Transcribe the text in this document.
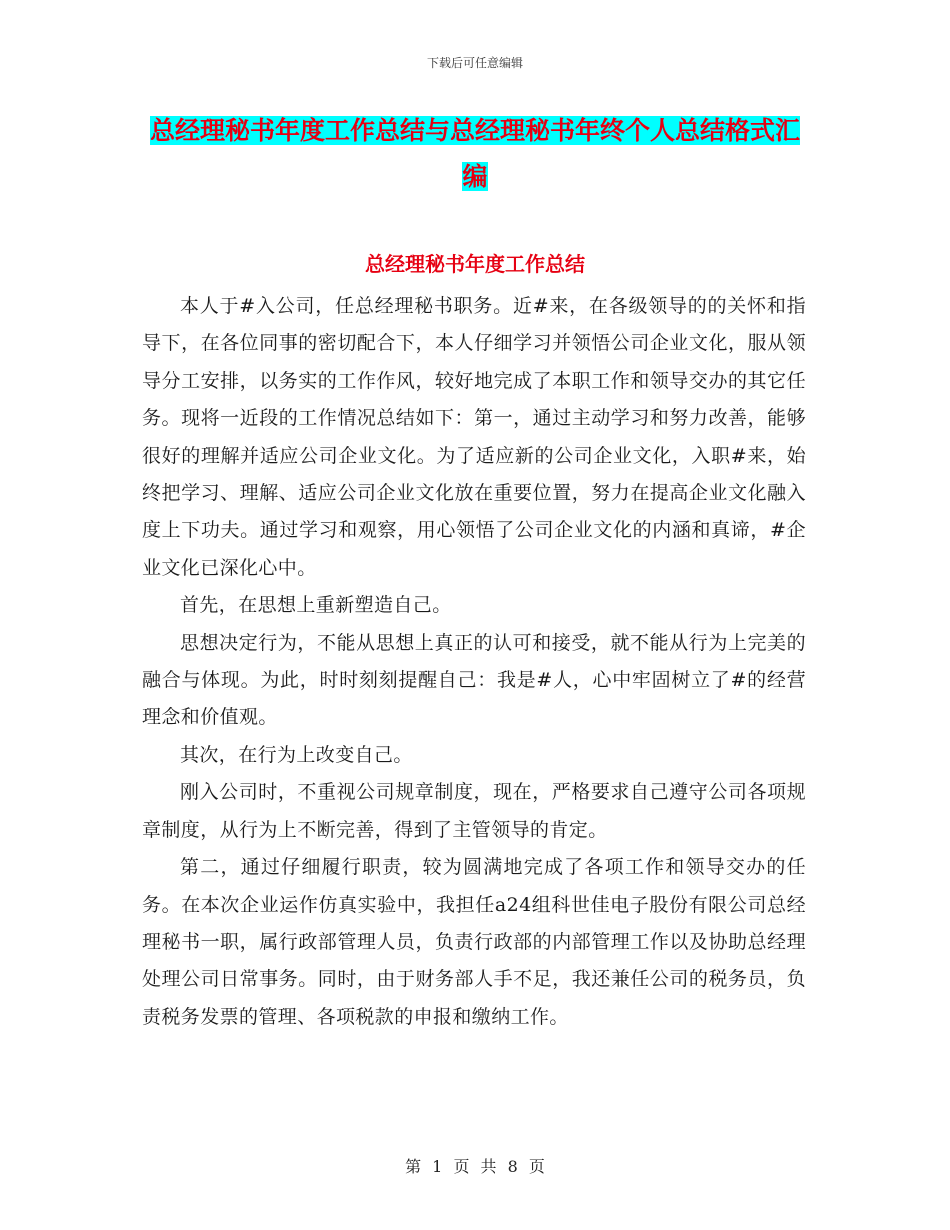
下载后可任意编辑
总经理秘书年度工作总结与总经理秘书年终个人总结格式汇编
总经理秘书年度工作总结

本人于#入公司，任总经理秘书职务。近#来，在各级领导的的关怀和指导下，在各位同事的密切配合下，本人仔细学习并领悟公司企业文化，服从领导分工安排，以务实的工作作风，较好地完成了本职工作和领导交办的其它任务。现将一近段的工作情况总结如下：第一，通过主动学习和努力改善，能够很好的理解并适应公司企业文化。为了适应新的公司企业文化，入职#来，始终把学习、理解、适应公司企业文化放在重要位置，努力在提高企业文化融入度上下功夫。通过学习和观察，用心领悟了公司企业文化的内涵和真谛，#企业文化已深化心中。

首先，在思想上重新塑造自己。

思想决定行为，不能从思想上真正的认可和接受，就不能从行为上完美的融合与体现。为此，时时刻刻提醒自己：我是#人，心中牢固树立了#的经营理念和价值观。

其次，在行为上改变自己。

刚入公司时，不重视公司规章制度，现在，严格要求自己遵守公司各项规章制度，从行为上不断完善，得到了主管领导的肯定。

第二，通过仔细履行职责，较为圆满地完成了各项工作和领导交办的任务。在本次企业运作仿真实验中，我担任a24组科世佳电子股份有限公司总经理秘书一职，属行政部管理人员，负责行政部的内部管理工作以及协助总经理处理公司日常事务。同时，由于财务部人手不足，我还兼任公司的税务员，负责税务发票的管理、各项税款的申报和缴纳工作。

第 1 页 共 8 页
